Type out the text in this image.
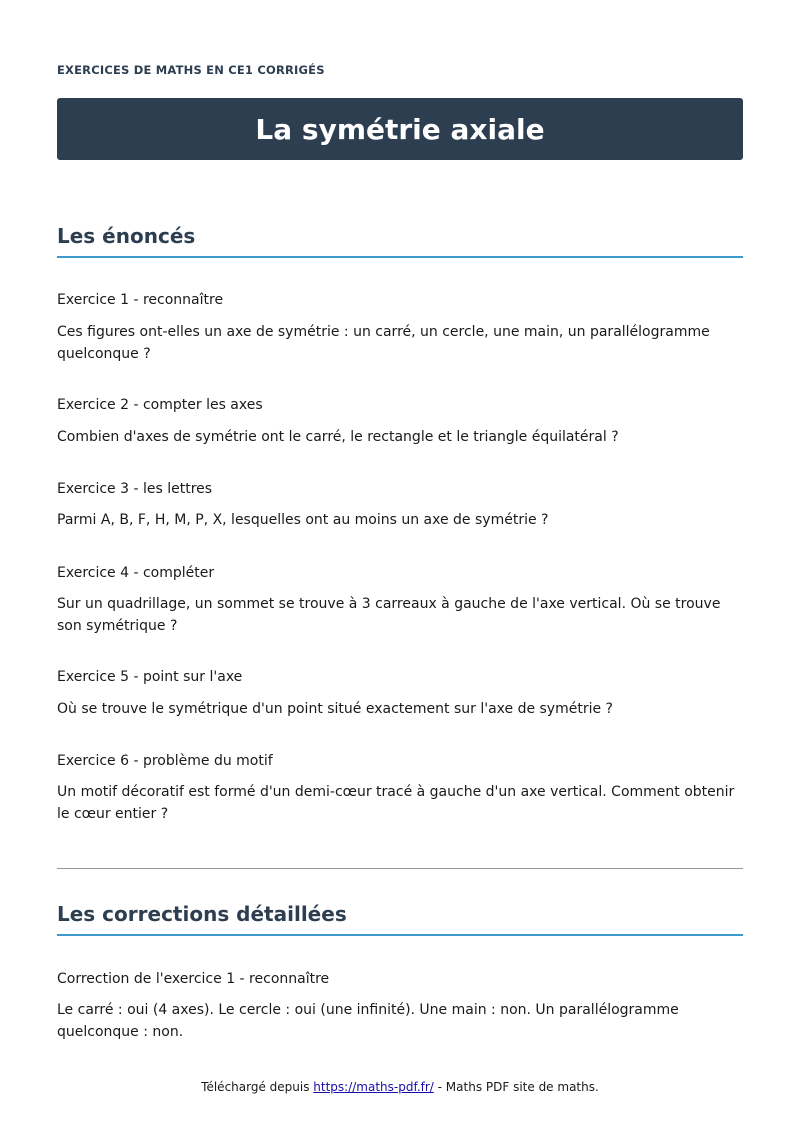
EXERCICES DE MATHS EN CE1 CORRIGÉS
La symétrie axiale
Les énoncés
Exercice 1 - reconnaître
Ces figures ont-elles un axe de symétrie : un carré, un cercle, une main, un parallélogramme quelconque ?
Exercice 2 - compter les axes
Combien d'axes de symétrie ont le carré, le rectangle et le triangle équilatéral ?
Exercice 3 - les lettres
Parmi A, B, F, H, M, P, X, lesquelles ont au moins un axe de symétrie ?
Exercice 4 - compléter
Sur un quadrillage, un sommet se trouve à 3 carreaux à gauche de l'axe vertical. Où se trouve son symétrique ?
Exercice 5 - point sur l'axe
Où se trouve le symétrique d'un point situé exactement sur l'axe de symétrie ?
Exercice 6 - problème du motif
Un motif décoratif est formé d'un demi-cœur tracé à gauche d'un axe vertical. Comment obtenir le cœur entier ?
Les corrections détaillées
Correction de l'exercice 1 - reconnaître
Le carré : oui (4 axes). Le cercle : oui (une infinité). Une main : non. Un parallélogramme quelconque : non.
Téléchargé depuis https://maths-pdf.fr/ - Maths PDF site de maths.
